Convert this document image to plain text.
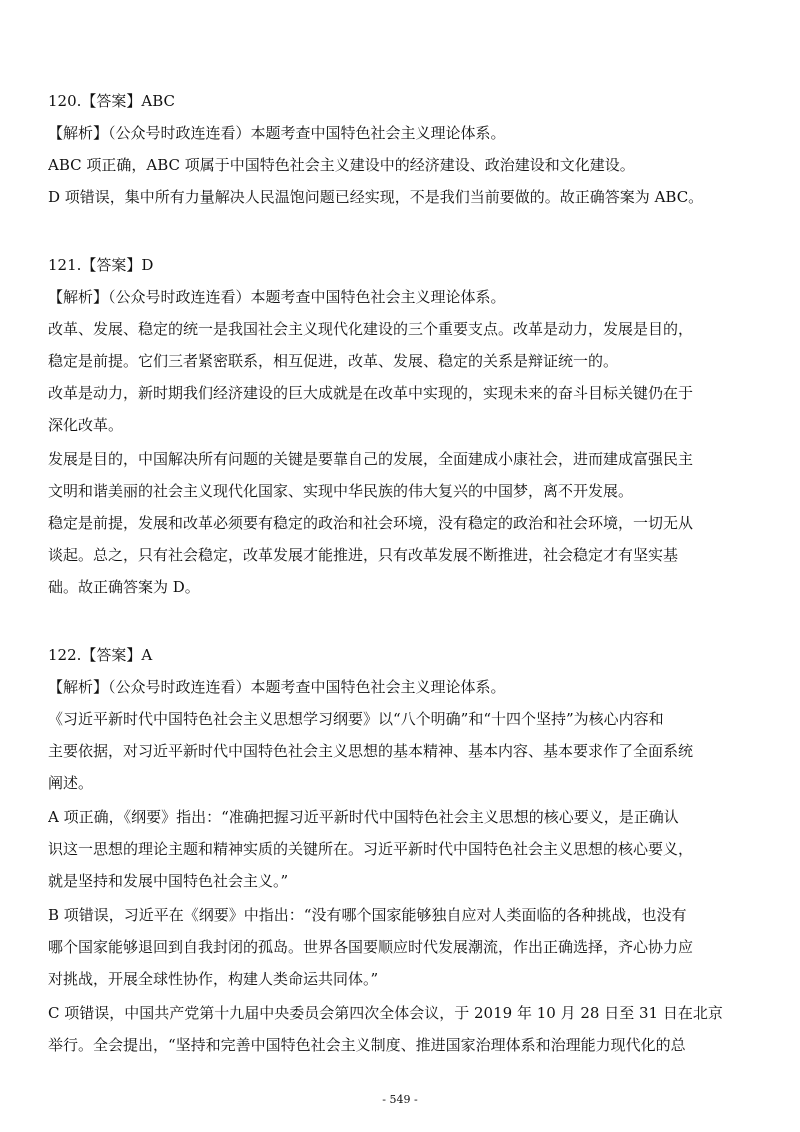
120.【答案】ABC
【解析】（公众号时政连连看）本题考查中国特色社会主义理论体系。
ABC 项正确，ABC 项属于中国特色社会主义建设中的经济建设、政治建设和文化建设。
D 项错误，集中所有力量解决人民温饱问题已经实现，不是我们当前要做的。故正确答案为 ABC。
121.【答案】D
【解析】（公众号时政连连看）本题考查中国特色社会主义理论体系。
改革、发展、稳定的统一是我国社会主义现代化建设的三个重要支点。改革是动力，发展是目的，
稳定是前提。它们三者紧密联系，相互促进，改革、发展、稳定的关系是辩证统一的。
改革是动力，新时期我们经济建设的巨大成就是在改革中实现的，实现未来的奋斗目标关键仍在于
深化改革。
发展是目的，中国解决所有问题的关键是要靠自己的发展，全面建成小康社会，进而建成富强民主
文明和谐美丽的社会主义现代化国家、实现中华民族的伟大复兴的中国梦，离不开发展。
稳定是前提，发展和改革必须要有稳定的政治和社会环境，没有稳定的政治和社会环境，一切无从
谈起。总之，只有社会稳定，改革发展才能推进，只有改革发展不断推进，社会稳定才有坚实基
础。故正确答案为 D。
122.【答案】A
【解析】（公众号时政连连看）本题考查中国特色社会主义理论体系。
《习近平新时代中国特色社会主义思想学习纲要》以“八个明确”和“十四个坚持”为核心内容和
主要依据，对习近平新时代中国特色社会主义思想的基本精神、基本内容、基本要求作了全面系统
阐述。
A 项正确，《纲要》指出：“准确把握习近平新时代中国特色社会主义思想的核心要义，是正确认
识这一思想的理论主题和精神实质的关键所在。习近平新时代中国特色社会主义思想的核心要义，
就是坚持和发展中国特色社会主义。”
B 项错误，习近平在《纲要》中指出：“没有哪个国家能够独自应对人类面临的各种挑战，也没有
哪个国家能够退回到自我封闭的孤岛。世界各国要顺应时代发展潮流，作出正确选择，齐心协力应
对挑战，开展全球性协作，构建人类命运共同体。”
C 项错误，中国共产党第十九届中央委员会第四次全体会议，于 2019 年 10 月 28 日至 31 日在北京
举行。全会提出，“坚持和完善中国特色社会主义制度、推进国家治理体系和治理能力现代化的总
- 549 -
